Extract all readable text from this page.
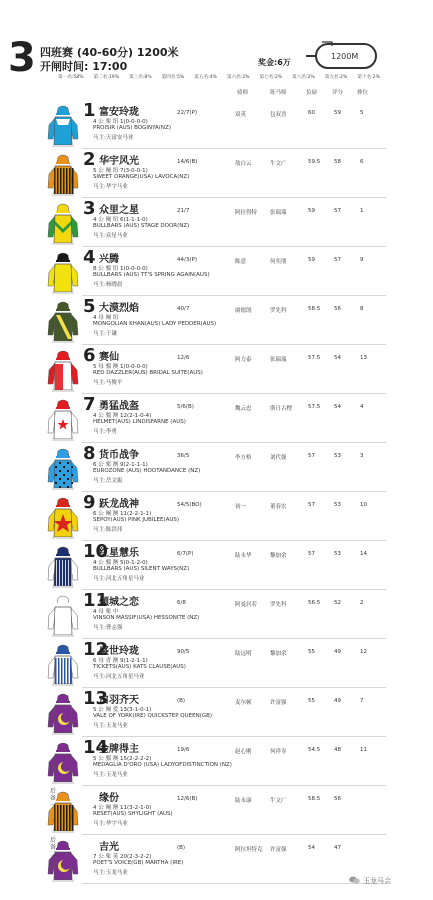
3 四班赛 (40-60分) 1200米
开闸时间: 17:00	奖金:6万
1200M
第一名:58% 第二名:19% 第三名:8% 第四名:5% 第五名:4% 第六名:2% 第七名:2% 第八名:2% 第九名:2% 第十名:2%
骑师	练马师	负磅	评分	排位
1 富安玲珑	22/7(P)	双英	包双喜	60	59	5
4 公 栗 纽 1(0-0-0-0)
PROISIR (AUS) BOGINYA(NZ)
马主:天富安马业
2 华宇风光	14/6(B)	敖白云	牛文广	59.5	58	6
5 公 阉 纽 7(3-0-0-1)
SWEET ORANGE(USA) LAVOCA(NZ)
马主:华宇马业
3 众里之星	21/7	阿拉得特 张瑞瑞	59	57	1
4 公 阉 纽 6(1-1-1-0)
BULLBARS (AUS) STAGE DOOR(NZ)
马主:众星马业
4 兴腾	44/3(P)	陈意	何奕朋	59	57	9
8 公 骝 纽 1(0-0-0-0)
BULLBARS (AUS) TT'S SPRING AGAIN(AUS)
马主:杨晓晨
5 大漠烈焰	40/7	赓德凯	罗先科	58.5	56	8
4 母 阉 纽
MONGOLIAN KHAN(AUS) LADY PEDDER(AUS)
马主:于谦
6 赛仙	12/6	阿力泰	张瑞瑞	57.5	54	13
5 母 骝 澳 1(0-0-0-0)
RED DAZZLER(AUS) BRIDAL SUITE(AUS)
马主:马俊平
7 勇猛战盔	5/6(B)	魏云忠	斯日古楞	57.5	54	4
4 公 骝 澳 12(2-1-0-4)
HELMET(AUS) LINDISFARNE (AUS)
马主:李勇
8 货币战争	36/5	李方格	刘代强	57	53	3
6 公 栗 澳 9(2-1-1-1)
EUROZONE (AUS) HOOTANDANCE (NZ)
马主:岳文振
9 跃龙战神	54/5(BO)	初一	董春宏	57	53	10
6 公 阉 澳 11(2-2-1-1)
SEPOY(AUS) PINK JUBILEE(AUS)
马主:陈洪伟
10
红星慧乐	6/7(P)	陆永华	黎加余	57	53	14
4 公 骝 澳 5(0-1-2-0)
BULLBARS (AUS) SILENT WAYS(NZ)
马主:河北五角星马业
11
倾城之恋	6/8	阿曼居若 罗先科	56.5	52	2
4 母 栗 中
VINSON MASSIF(USA) HESSONITE (NZ)
马主:曹志强
12
盛世玲珑	90/5	陆远明	黎加余	55	49	12
6 母 青 澳 9(1-2-1-1)
TICKETS(AUS) KATS CLAUSE(AUS)
马主:河北五角星马业
13
白羽齐天	(B)	麦尔顿	许富强	55	49	7
5 公 阉 爱 13(3-1-0-1)
VALE OF YORK(IRE) QUICKSTEP QUEEN(GB)
马主:玉龙马业
14
金牌得主	19/6	赵心刚	何祥寿	54.5	48	11
5 公 骝 澳 15(2-2-2-2)
MEDAGLIA D'ORO (USA) LADYOFDISTINCTION (NZ)
马主:玉龙马业
后备一
缘份	12/6(B)	陆永康	牛文广	58.5	56
4 公 阉 澳 11(3-2-1-0)
RESET(AUS) SHYLIGHT (AUS)
马主:华宇马业
后备二
吉光	(B)	阿拉坦特克 许富强	54	47
7 公 栗 英 20(2-3-2-2)
POET'S VOICE(GB) MARTHA (IRE)
马主:玉龙马业
玉龙马会
